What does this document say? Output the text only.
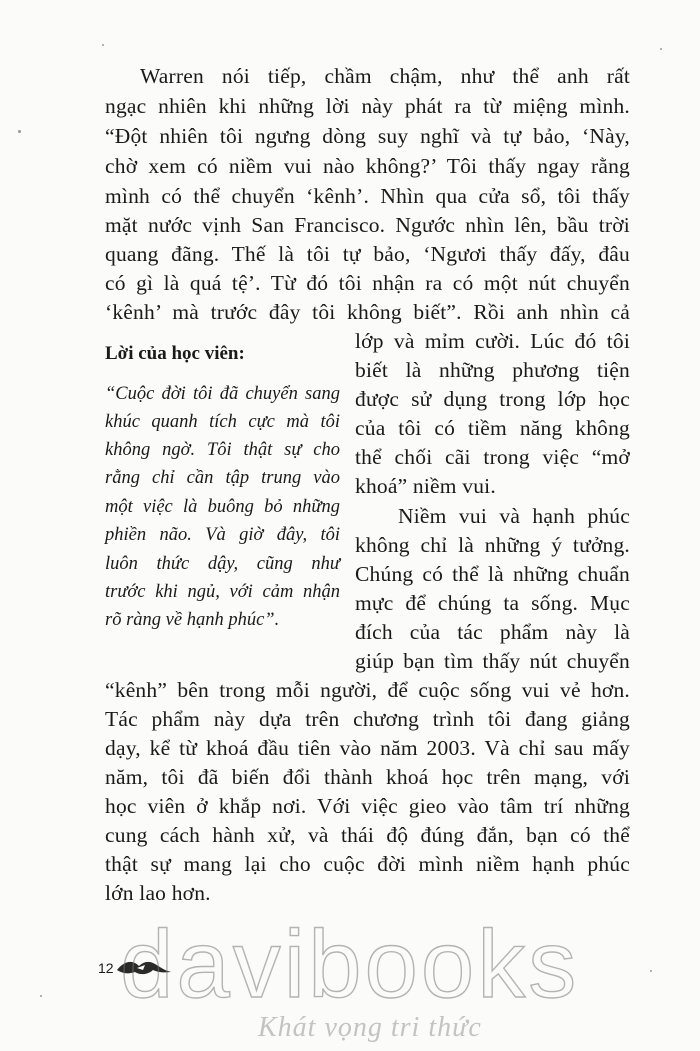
Warren nói tiếp, chầm chậm, như thể anh rất
ngạc nhiên khi những lời này phát ra từ miệng mình.
“Đột nhiên tôi ngưng dòng suy nghĩ và tự bảo, ‘Này,
chờ xem có niềm vui nào không?’ Tôi thấy ngay rằng
mình có thể chuyển ‘kênh’. Nhìn qua cửa sổ, tôi thấy
mặt nước vịnh San Francisco. Ngước nhìn lên, bầu trời
quang đãng. Thế là tôi tự bảo, ‘Ngươi thấy đấy, đâu
có gì là quá tệ’. Từ đó tôi nhận ra có một nút chuyển
‘kênh’ mà trước đây tôi không biết”. Rồi anh nhìn cả
Lời của học viên:
“Cuộc đời tôi đã chuyển sang
khúc quanh tích cực mà tôi
không ngờ. Tôi thật sự cho
rằng chỉ cần tập trung vào
một việc là buông bỏ những
phiền não. Và giờ đây, tôi
luôn thức dậy, cũng như
trước khi ngủ, với cảm nhận
rõ ràng về hạnh phúc”.
lớp và mỉm cười. Lúc đó tôi
biết là những phương tiện
được sử dụng trong lớp học
của tôi có tiềm năng không
thể chối cãi trong việc “mở
khoá” niềm vui.
Niềm vui và hạnh phúc
không chỉ là những ý tưởng.
Chúng có thể là những chuẩn
mực để chúng ta sống. Mục
đích của tác phẩm này là
giúp bạn tìm thấy nút chuyển
“kênh” bên trong mỗi người, để cuộc sống vui vẻ hơn.
Tác phẩm này dựa trên chương trình tôi đang giảng
dạy, kể từ khoá đầu tiên vào năm 2003. Và chỉ sau mấy
năm, tôi đã biến đổi thành khoá học trên mạng, với
học viên ở khắp nơi. Với việc gieo vào tâm trí những
cung cách hành xử, và thái độ đúng đắn, bạn có thể
thật sự mang lại cho cuộc đời mình niềm hạnh phúc
lớn lao hơn.
12 davibooks
Khát vọng tri thức
